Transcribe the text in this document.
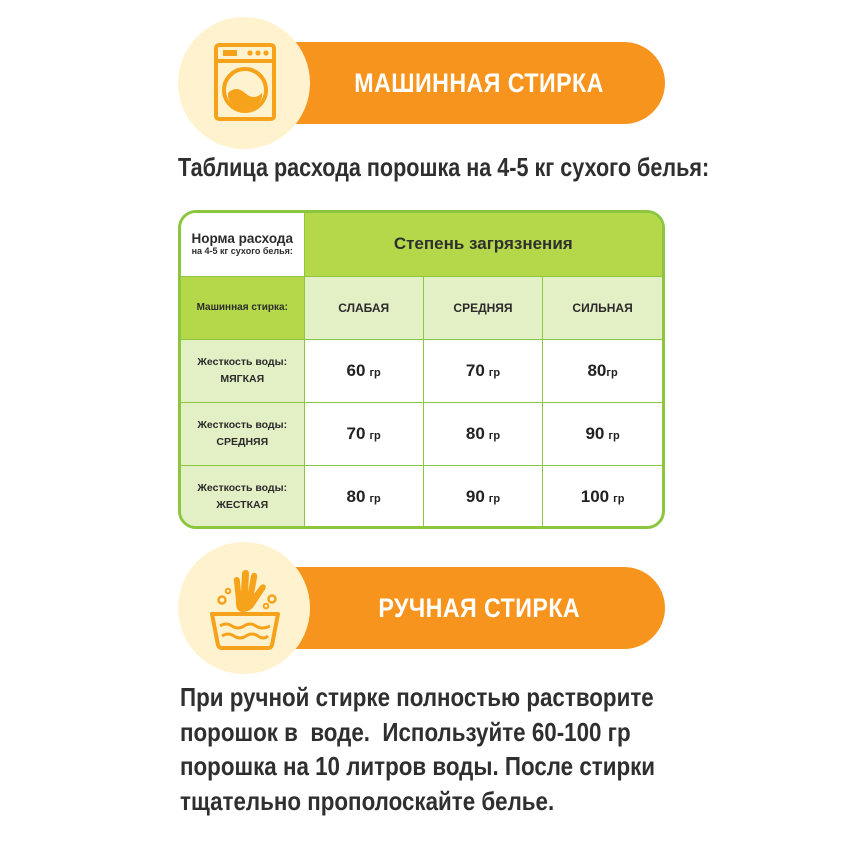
МАШИННАЯ СТИРКА
Таблица расхода порошка на 4-5 кг сухого белья:
Норма расхода
на 4-5 кг сухого белья:	Степень загрязнения		
Машинная стирка:	СЛАБАЯ	СРЕДНЯЯ	СИЛЬНАЯ
Жесткость воды:
МЯГКАЯ	60 гр	70 гр	80гр
Жесткость воды:
СРЕДНЯЯ	70 гр	80 гр	90 гр
Жесткость воды:
ЖЕСТКАЯ	80 гр	90 гр	100 гр
РУЧНАЯ СТИРКА
При ручной стирке полностью растворите
порошок в  воде.  Используйте 60-100 гр
порошка на 10 литров воды. После стирки
тщательно прополоскайте белье.
